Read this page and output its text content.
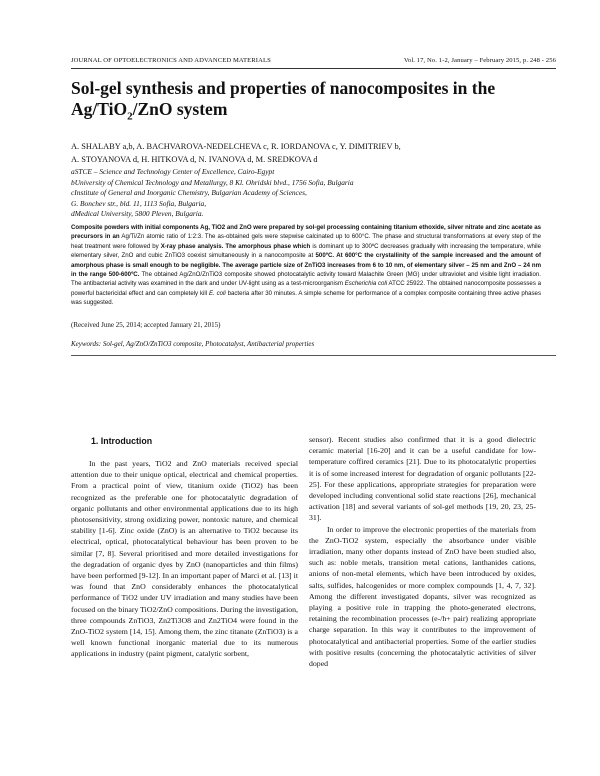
JOURNAL OF OPTOELECTRONICS AND ADVANCED MATERIALS	Vol. 17, No. 1-2, January – February 2015, p. 248 - 256
Sol-gel synthesis and properties of nanocomposites in the Ag/TiO$_2$/ZnO system
A. SHALABY a,b, A. BACHVAROVA-NEDELCHEVA c, R. IORDANOVA c, Y. DIMITRIEV b,
A. STOYANOVA d, H. HITKOVA d, N. IVANOVA d, M. SREDKOVA d
aSTCE – Science and Technology Center of Excellence, Cairo-Egypt
bUniversity of Chemical Technology and Metallurgy, 8 Kl. Ohridski blvd., 1756 Sofia, Bulgaria
cInstitute of General and Inorganic Chemistry, Bulgarian Academy of Sciences,
G. Bonchev str., bld. 11, 1113 Sofia, Bulgaria,
dMedical University, 5800 Pleven, Bulgaria.
Composite powders with initial components Ag, TiO2 and ZnO were prepared by sol-gel processing containing titanium ethoxide, silver nitrate and zinc acetate as precursors in an Ag/Ti/Zn atomic ratio of 1:2:3. The as-obtained gels were stepwise calcinated up to 600°C. The phase and structural transformations at every step of the heat treatment were followed by X-ray phase analysis. The amorphous phase which is dominant up to 300ºC decreases gradually with increasing the temperature, while elementary silver, ZnO and cubic ZnTiO3 coexist simultaneously in a nanocomposite at 500ºC. At 600°C the crystallinity of the sample increased and the amount of amorphous phase is small enough to be negligible. The average particle size of ZnTiO3 increases from 6 to 10 nm, of elementary silver – 25 nm and ZnO – 24 nm in the range 500-600ºC. The obtained Ag/ZnO/ZnTiO3 composite showed photocatalytic activity toward Malachite Green (MG) under ultraviolet and visible light irradiation. The antibacterial activity was examined in the dark and under UV-light using as a test-microorganism Escherichia coli ATCC 25922. The obtained nanocomposite possesses a powerful bactericidal effect and can completely kill E. coli bacteria after 30 minutes. A simple scheme for performance of a complex composite containing three active phases was suggested.
(Received June 25, 2014; accepted January 21, 2015)
Keywords: Sol-gel, Ag/ZnO/ZnTiO3 composite, Photocatalyst, Antibacterial properties
1. Introduction

In the past years, TiO2 and ZnO materials received special attention due to their unique optical, electrical and chemical properties. From a practical point of view, titanium oxide (TiO2) has been recognized as the preferable one for photocatalytic degradation of organic pollutants and other environmental applications due to its high photosensitivity, strong oxidizing power, nontoxic nature, and chemical stability [1-6]. Zinc oxide (ZnO) is an alternative to TiO2 because its electrical, optical, photocatalytical behaviour has been proven to be similar [7, 8]. Several prioritised and more detailed investigations for the degradation of organic dyes by ZnO (nanoparticles and thin films) have been performed [9-12]. In an important paper of Marci et al. [13] it was found that ZnO considerably enhances the photocatalytical performance of TiO2 under UV irradiation and many studies have been focused on the binary TiO2/ZnO compositions. During the investigation, three compounds ZnTiO3, Zn2Ti3O8 and Zn2TiO4 were found in the ZnO-TiO2 system [14, 15]. Among them, the zinc titanate (ZnTiO3) is a well known functional inorganic material due to its numerous applications in industry (paint pigment, catalytic sorbent,

sensor). Recent studies also confirmed that it is a good dielectric ceramic material [16-20] and it can be a useful candidate for low-temperature coffired ceramics [21]. Due to its photocatalytic properties it is of some increased interest for degradation of organic pollutants [22-25]. For these applications, appropriate strategies for preparation were developed including conventional solid state reactions [26], mechanical activation [18] and several variants of sol-gel methods [19, 20, 23, 25-31].

In order to improve the electronic properties of the materials from the ZnO-TiO2 system, especially the absorbance under visible irradiation, many other dopants instead of ZnO have been studied also, such as: noble metals, transition metal cations, lanthanides cations, anions of non-metal elements, which have been introduced by oxides, salts, sulfides, halcogenides or more complex compounds [1, 4, 7, 32]. Among the different investigated dopants, silver was recognized as playing a positive role in trapping the photo-generated electrons, retaining the recombination processes (e-/h+ pair) realizing appropriate charge separation. In this way it contributes to the improvement of photocatalytical and antibacterial properties. Some of the earlier studies with positive results (concerning the photocatalytic activities of silver doped
